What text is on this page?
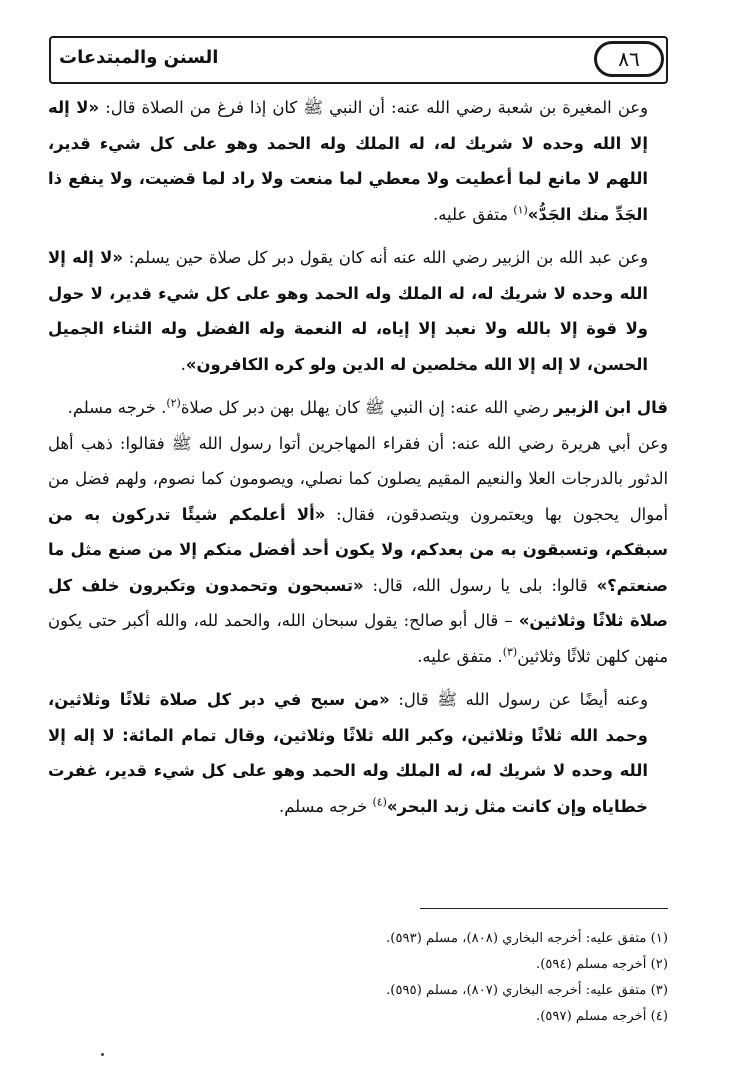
السنن والمبتدعات	٨٦

وعن المغيرة بن شعبة رضي الله عنه: أن النبي ﷺ كان إذا فرغ من الصلاة قال: «لا إله إلا الله وحده لا شريك له، له الملك وله الحمد وهو على كل شيء قدير، اللهم لا مانع لما أعطيت ولا معطي لما منعت ولا راد لما قضيت، ولا ينفع ذا الجَدِّ منك الجَدُّ»$^{(١)}$ متفق عليه.

وعن عبد الله بن الزبير رضي الله عنه أنه كان يقول دبر كل صلاة حين يسلم: «لا إله إلا الله وحده لا شريك له، له الملك وله الحمد وهو على كل شيء قدير، لا حول ولا قوة إلا بالله ولا نعبد إلا إياه، له النعمة وله الفضل وله الثناء الجميل الحسن، لا إله إلا الله مخلصين له الدين ولو كره الكافرون».

قال ابن الزبير رضي الله عنه: إن النبي ﷺ كان يهلل بهن دبر كل صلاة$^{(٢)}$. خرجه مسلم.

وعن أبي هريرة رضي الله عنه: أن فقراء المهاجرين أتوا رسول الله ﷺ فقالوا: ذهب أهل الدثور بالدرجات العلا والنعيم المقيم يصلون كما نصلي، ويصومون كما نصوم، ولهم فضل من أموال يحجون بها ويعتمرون ويتصدقون، فقال: «ألا أعلمكم شيئًا تدركون به من سبقكم، وتسبقون به من بعدكم، ولا يكون أحد أفضل منكم إلا من صنع مثل ما صنعتم؟» قالوا: بلى يا رسول الله، قال: «تسبحون وتحمدون وتكبرون خلف كل صلاة ثلاثًا وثلاثين» – قال أبو صالح: يقول سبحان الله، والحمد لله، والله أكبر حتى يكون منهن كلهن ثلاثًا وثلاثين$^{(٣)}$. متفق عليه.

وعنه أيضًا عن رسول الله ﷺ قال: «من سبح في دبر كل صلاة ثلاثًا وثلاثين، وحمد الله ثلاثًا وثلاثين، وكبر الله ثلاثًا وثلاثين، وقال تمام المائة: لا إله إلا الله وحده لا شريك له، له الملك وله الحمد وهو على كل شيء قدير، غفرت خطاياه وإن كانت مثل زبد البحر»$^{(٤)}$ خرجه مسلم.

(١) متفق عليه: أخرجه البخاري (٨٠٨)، مسلم (٥٩٣).

(٢) أخرجه مسلم (٥٩٤).

(٣) متفق عليه: أخرجه البخاري (٨٠٧)، مسلم (٥٩٥).

(٤) أخرجه مسلم (٥٩٧).
